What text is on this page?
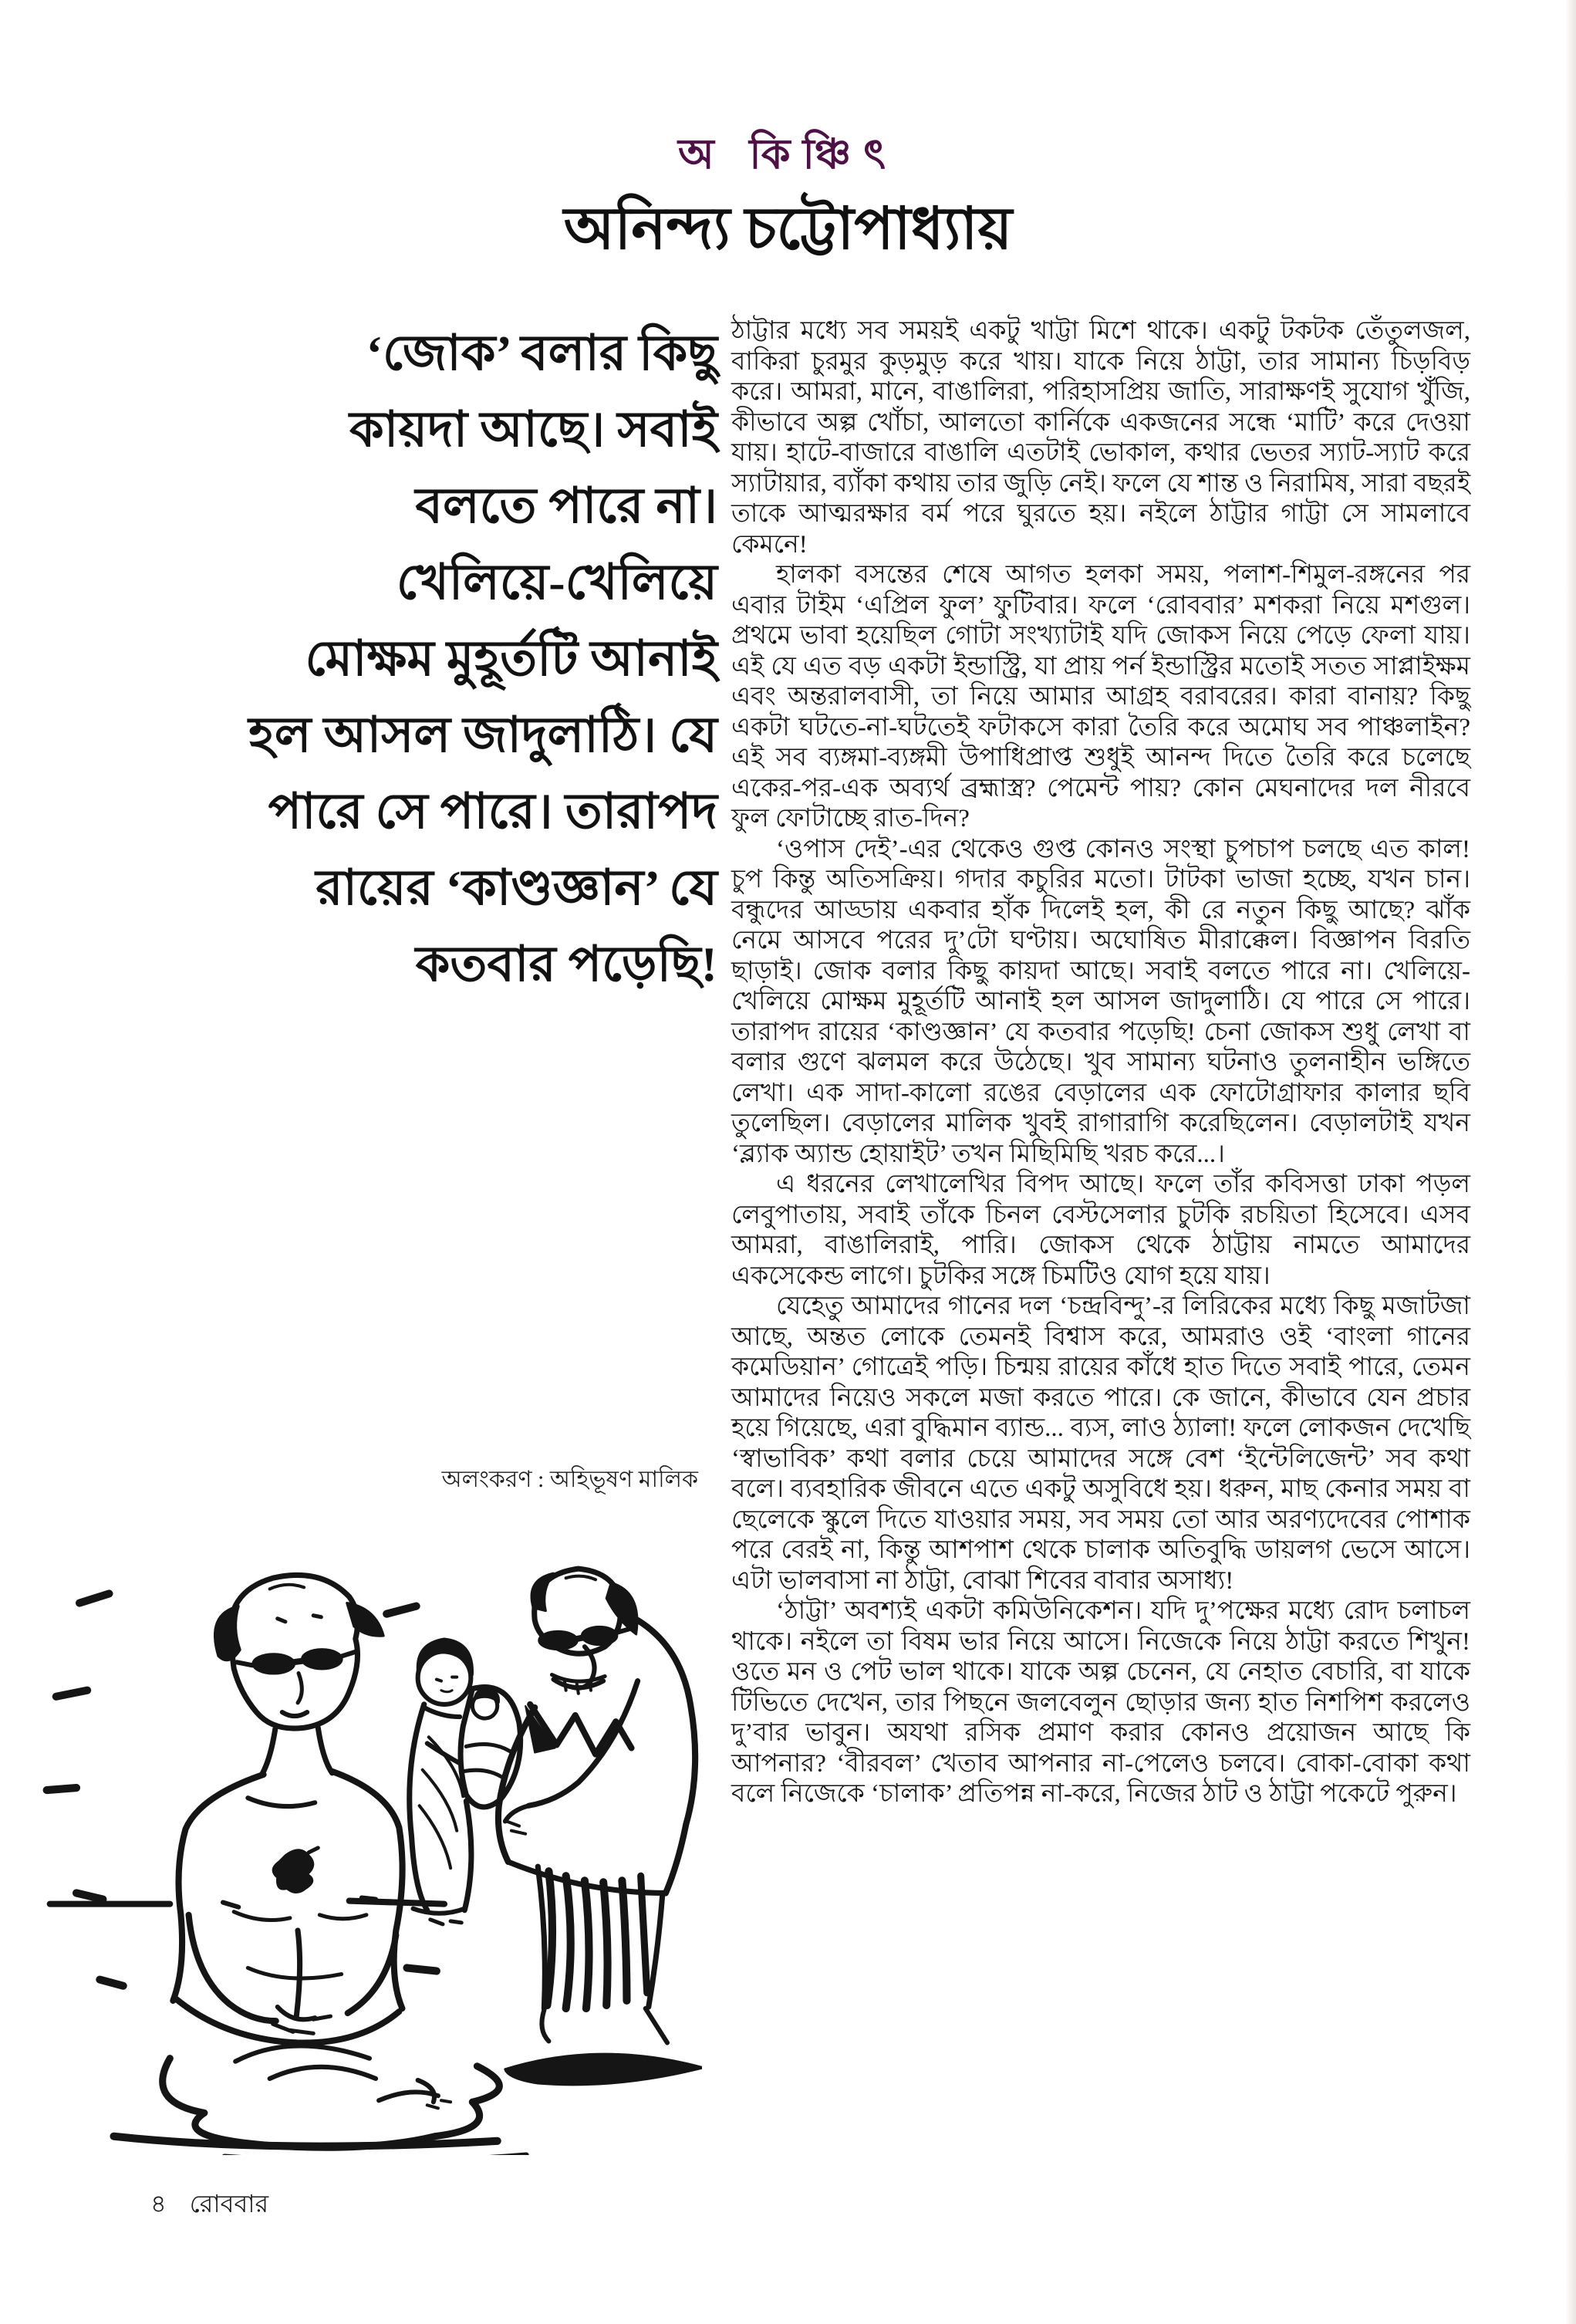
অ কিঞ্চিৎ
অনিন্দ্য চট্টোপাধ্যায়
‘জোক’ বলার কিছু
কায়দা আছে। সবাই
বলতে পারে না।
খেলিয়ে-খেলিয়ে
মোক্ষম মুহূর্তটি আনাই
হল আসল জাদুলাঠি। যে
পারে সে পারে। তারাপদ
রায়ের ‘কাণ্ডজ্ঞান’ যে
কতবার পড়েছি!
অলংকরণ : অহিভূষণ মালিক

ঠাট্টার মধ্যে সব সময়ই একটু খাট্টা মিশে থাকে। একটু টকটক তেঁতুলজল, বাকিরা চুরমুর কুড়মুড় করে খায়। যাকে নিয়ে ঠাট্টা, তার সামান্য চিড়বিড় করে। আমরা, মানে, বাঙালিরা, পরিহাসপ্রিয় জাতি, সারাক্ষণই সুযোগ খুঁজি, কীভাবে অল্প খোঁচা, আলতো কার্নিকে একজনের সন্ধে ‘মাটি’ করে দেওয়া যায়। হাটে-বাজারে বাঙালি এতটাই ভোকাল, কথার ভেতর স্যাট-স্যাট করে স্যাটায়ার, ব্যাঁকা কথায় তার জুড়ি নেই। ফলে যে শান্ত ও নিরামিষ, সারা বছরই তাকে আত্মরক্ষার বর্ম পরে ঘুরতে হয়। নইলে ঠাট্টার গাট্টা সে সামলাবে কেমনে!

হালকা বসন্তের শেষে আগত হলকা সময়, পলাশ-শিমুল-রঙ্গনের পর এবার টাইম ‘এপ্রিল ফুল’ ফুটিবার। ফলে ‘রোববার’ মশকরা নিয়ে মশগুল। প্রথমে ভাবা হয়েছিল গোটা সংখ্যাটাই যদি জোকস নিয়ে পেড়ে ফেলা যায়। এই যে এত বড় একটা ইন্ডাস্ট্রি, যা প্রায় পর্ন ইন্ডাস্ট্রির মতোই সতত সাপ্লাইক্ষম এবং অন্তরালবাসী, তা নিয়ে আমার আগ্রহ বরাবরের। কারা বানায়? কিছু একটা ঘটতে-না-ঘটতেই ফটাকসে কারা তৈরি করে অমোঘ সব পাঞ্চলাইন? এই সব ব্যঙ্গমা-ব্যঙ্গমী উপাধিপ্রাপ্ত শুধুই আনন্দ দিতে তৈরি করে চলেছে একের-পর-এক অব্যর্থ ব্রহ্মাস্ত্র? পেমেন্ট পায়? কোন মেঘনাদের দল নীরবে ফুল ফোটাচ্ছে রাত-দিন?

‘ওপাস দেই’-এর থেকেও গুপ্ত কোনও সংস্থা চুপচাপ চলছে এত কাল! চুপ কিন্তু অতিসক্রিয়। গদার কচুরির মতো। টাটকা ভাজা হচ্ছে, যখন চান। বন্ধুদের আড্ডায় একবার হাঁক দিলেই হল, কী রে নতুন কিছু আছে? ঝাঁক নেমে আসবে পরের দু’টো ঘণ্টায়। অঘোষিত মীরাক্কেল। বিজ্ঞাপন বিরতি ছাড়াই। জোক বলার কিছু কায়দা আছে। সবাই বলতে পারে না। খেলিয়ে-খেলিয়ে মোক্ষম মুহূর্তটি আনাই হল আসল জাদুলাঠি। যে পারে সে পারে। তারাপদ রায়ের ‘কাণ্ডজ্ঞান’ যে কতবার পড়েছি! চেনা জোকস শুধু লেখা বা বলার গুণে ঝলমল করে উঠেছে। খুব সামান্য ঘটনাও তুলনাহীন ভঙ্গিতে লেখা। এক সাদা-কালো রঙের বেড়ালের এক ফোটোগ্রাফার কালার ছবি তুলেছিল। বেড়ালের মালিক খুবই রাগারাগি করেছিলেন। বেড়ালটাই যখন ‘ব্ল্যাক অ্যান্ড হোয়াইট’ তখন মিছিমিছি খরচ করে...।

এ ধরনের লেখালেখির বিপদ আছে। ফলে তাঁর কবিসত্তা ঢাকা পড়ল লেবুপাতায়, সবাই তাঁকে চিনল বেস্টসেলার চুটকি রচয়িতা হিসেবে। এসব আমরা, বাঙালিরাই, পারি। জোকস থেকে ঠাট্টায় নামতে আমাদের একসেকেন্ড লাগে। চুটকির সঙ্গে চিমটিও যোগ হয়ে যায়।

যেহেতু আমাদের গানের দল ‘চন্দ্রবিন্দু’-র লিরিকের মধ্যে কিছু মজাটজা আছে, অন্তত লোকে তেমনই বিশ্বাস করে, আমরাও ওই ‘বাংলা গানের কমেডিয়ান’ গোত্রেই পড়ি। চিন্ময় রায়ের কাঁধে হাত দিতে সবাই পারে, তেমন আমাদের নিয়েও সকলে মজা করতে পারে। কে জানে, কীভাবে যেন প্রচার হয়ে গিয়েছে, এরা বুদ্ধিমান ব্যান্ড... ব্যস, লাও ঠ্যালা! ফলে লোকজন দেখেছি ‘স্বাভাবিক’ কথা বলার চেয়ে আমাদের সঙ্গে বেশ ‘ইন্টেলিজেন্ট’ সব কথা বলে। ব্যবহারিক জীবনে এতে একটু অসুবিধে হয়। ধরুন, মাছ কেনার সময় বা ছেলেকে স্কুলে দিতে যাওয়ার সময়, সব সময় তো আর অরণ্যদেবের পোশাক পরে বেরই না, কিন্তু আশপাশ থেকে চালাক অতিবুদ্ধি ডায়লগ ভেসে আসে। এটা ভালবাসা না ঠাট্টা, বোঝা শিবের বাবার অসাধ্য!

‘ঠাট্টা’ অবশ্যই একটা কমিউনিকেশন। যদি দু’পক্ষের মধ্যে রোদ চলাচল থাকে। নইলে তা বিষম ভার নিয়ে আসে। নিজেকে নিয়ে ঠাট্টা করতে শিখুন! ওতে মন ও পেট ভাল থাকে। যাকে অল্প চেনেন, যে নেহাত বেচারি, বা যাকে টিভিতে দেখেন, তার পিছনে জলবেলুন ছোড়ার জন্য হাত নিশপিশ করলেও দু’বার ভাবুন। অযথা রসিক প্রমাণ করার কোনও প্রয়োজন আছে কি আপনার? ‘বীরবল’ খেতাব আপনার না-পেলেও চলবে। বোকা-বোকা কথা বলে নিজেকে ‘চালাক’ প্রতিপন্ন না-করে, নিজের ঠাট ও ঠাট্টা পকেটে পুরুন।

৪ রোববার
